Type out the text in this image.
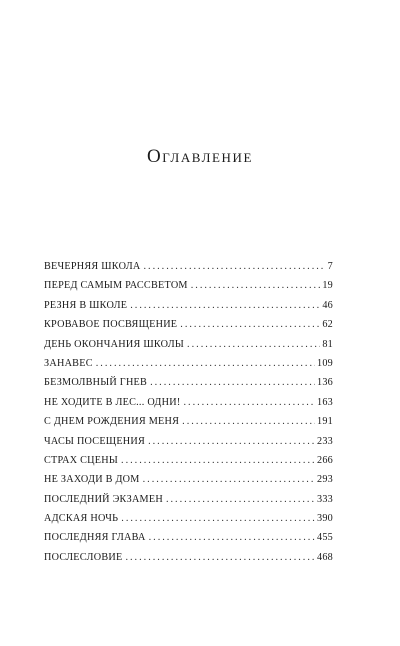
Оглавление
ВЕЧЕРНЯЯ ШКОЛА .....	7
ПЕРЕД САМЫМ РАССВЕТОМ .....	19
РЕЗНЯ В ШКОЛЕ .....	46
КРОВАВОЕ ПОСВЯЩЕНИЕ .....	62
ДЕНЬ ОКОНЧАНИЯ ШКОЛЫ .....	81
ЗАНАВЕС .....	109
БЕЗМОЛВНЫЙ ГНЕВ .....	136
НЕ ХОДИТЕ В ЛЕС... ОДНИ! .....	163
С ДНЕМ РОЖДЕНИЯ МЕНЯ .....	191
ЧАСЫ ПОСЕЩЕНИЯ .....	233
СТРАХ СЦЕНЫ .....	266
НЕ ЗАХОДИ В ДОМ .....	293
ПОСЛЕДНИЙ ЭКЗАМЕН .....	333
АДСКАЯ НОЧЬ .....	390
ПОСЛЕДНЯЯ ГЛАВА .....	455
ПОСЛЕСЛОВИЕ .....	468
